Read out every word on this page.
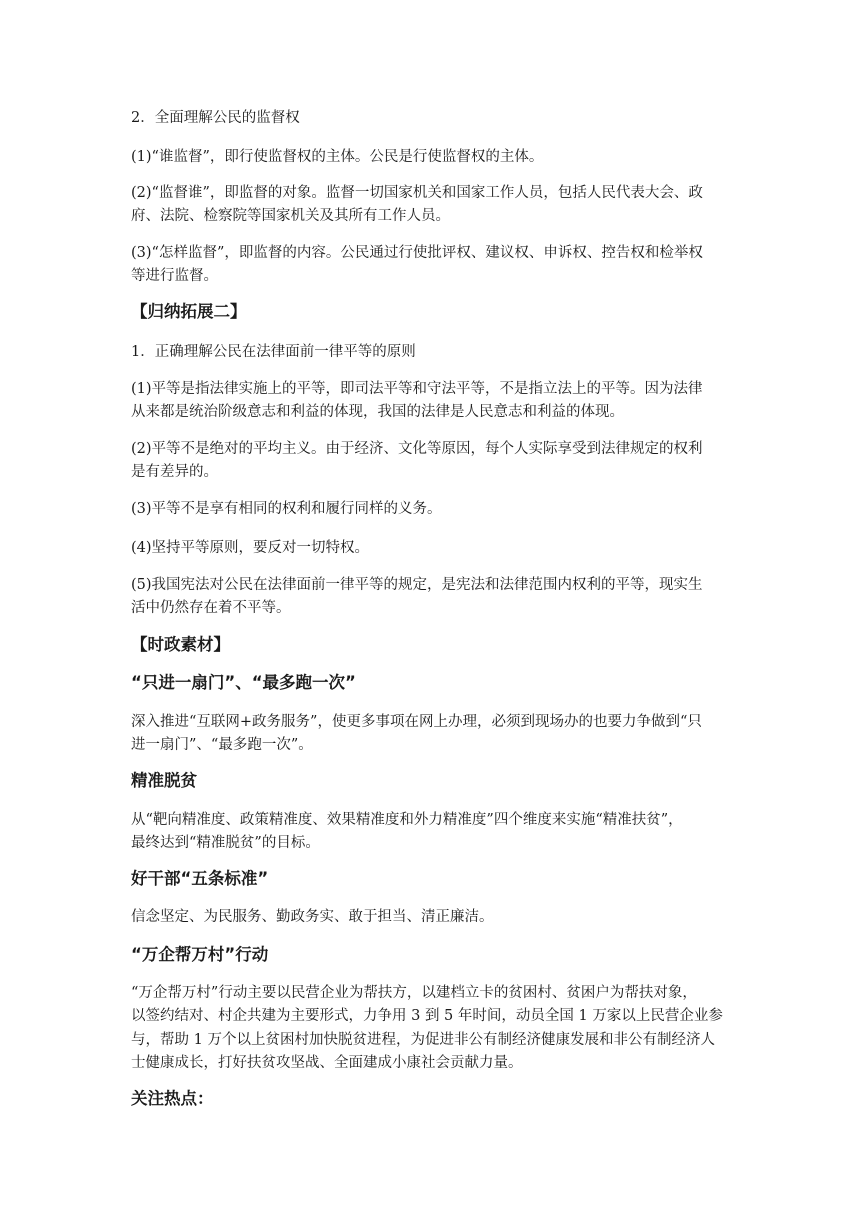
2．全面理解公民的监督权
(1)“谁监督”，即行使监督权的主体。公民是行使监督权的主体。
(2)“监督谁”，即监督的对象。监督一切国家机关和国家工作人员，包括人民代表大会、政
府、法院、检察院等国家机关及其所有工作人员。
(3)“怎样监督”，即监督的内容。公民通过行使批评权、建议权、申诉权、控告权和检举权
等进行监督。
【归纳拓展二】
1．正确理解公民在法律面前一律平等的原则
(1)平等是指法律实施上的平等，即司法平等和守法平等，不是指立法上的平等。因为法律
从来都是统治阶级意志和利益的体现，我国的法律是人民意志和利益的体现。
(2)平等不是绝对的平均主义。由于经济、文化等原因，每个人实际享受到法律规定的权利
是有差异的。
(3)平等不是享有相同的权利和履行同样的义务。
(4)坚持平等原则，要反对一切特权。
(5)我国宪法对公民在法律面前一律平等的规定，是宪法和法律范围内权利的平等，现实生
活中仍然存在着不平等。
【时政素材】
“只进一扇门”、“最多跑一次”
深入推进“互联网+政务服务”，使更多事项在网上办理，必须到现场办的也要力争做到“只
进一扇门”、“最多跑一次”。
精准脱贫
从“靶向精准度、政策精准度、效果精准度和外力精准度”四个维度来实施“精准扶贫”，
最终达到“精准脱贫”的目标。
好干部“五条标准”
信念坚定、为民服务、勤政务实、敢于担当、清正廉洁。
“万企帮万村”行动
“万企帮万村”行动主要以民营企业为帮扶方，以建档立卡的贫困村、贫困户为帮扶对象，
以签约结对、村企共建为主要形式，力争用 3 到 5 年时间，动员全国 1 万家以上民营企业参
与，帮助 1 万个以上贫困村加快脱贫进程，为促进非公有制经济健康发展和非公有制经济人
士健康成长，打好扶贫攻坚战、全面建成小康社会贡献力量。
关注热点：
